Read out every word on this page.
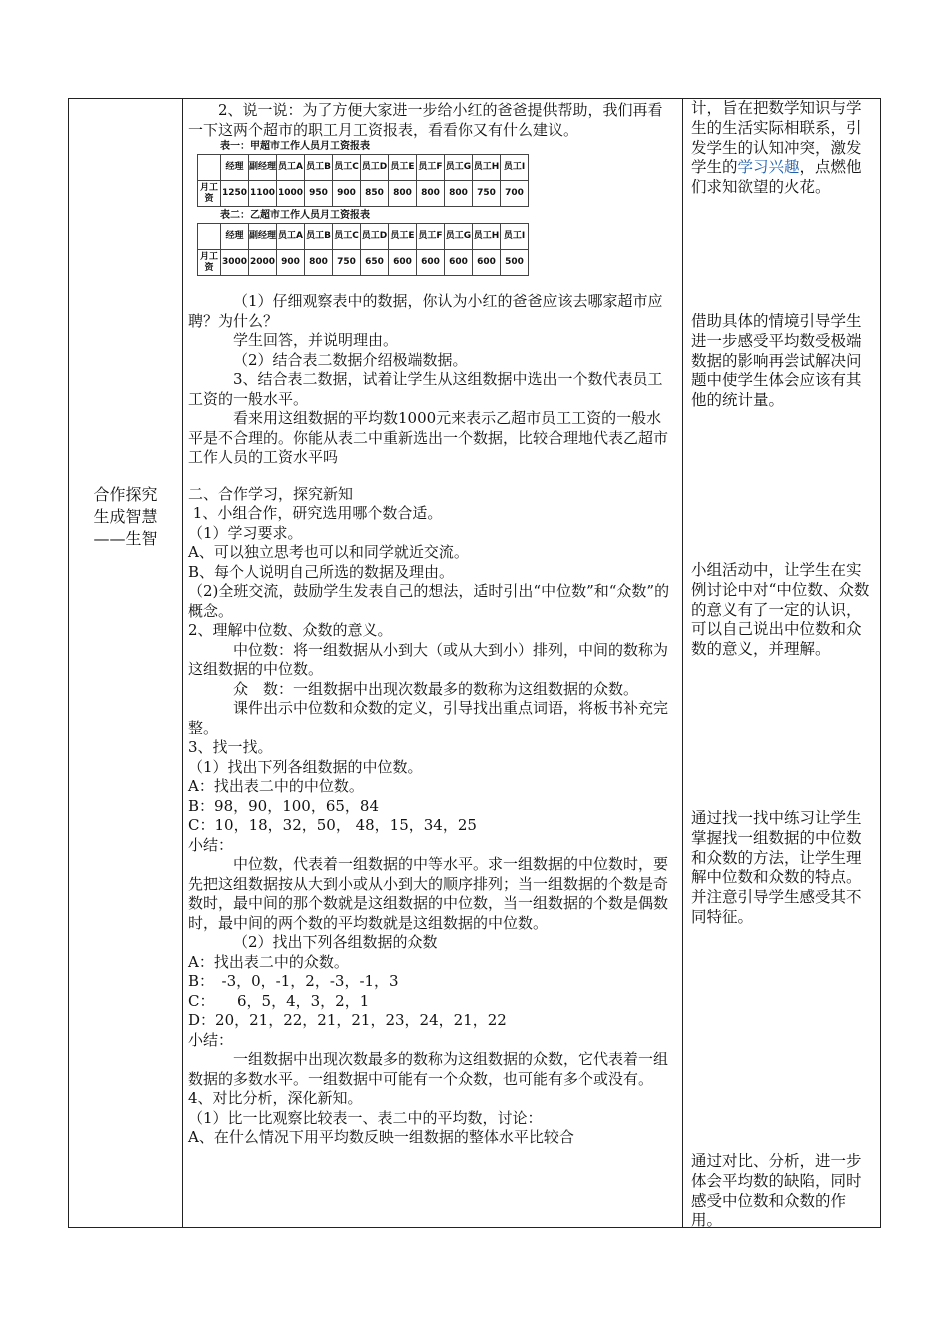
合作探究
生成智慧
——生智

2、说一说：为了方便大家进一步给小红的爸爸提供帮助，我们再看一下这两个超市的职工月工资报表，看看你又有什么建议。

表一：甲超市工作人员月工资报表
	经理	副经理	员工A	员工B	员工C	员工D	员工E	员工F	员工G	员工H	员工I
月工资	1250	1100	1000	950	900	850	800	800	800	750	700
表二：乙超市工作人员月工资报表
	经理	副经理	员工A	员工B	员工C	员工D	员工E	员工F	员工G	员工H	员工I
月工资	3000	2000	900	800	750	650	600	600	600	600	500

（1）仔细观察表中的数据，你认为小红的爸爸应该去哪家超市应聘？为什么？

学生回答，并说明理由。

（2）结合表二数据介绍极端数据。

3、结合表二数据，试着让学生从这组数据中选出一个数代表员工工资的一般水平。

看来用这组数据的平均数1000元来表示乙超市员工工资的一般水平是不合理的。你能从表二中重新选出一个数据，比较合理地代表乙超市工作人员的工资水平吗

二、合作学习，探究新知

1、小组合作，研究选用哪个数合适。

（1）学习要求。

A、可以独立思考也可以和同学就近交流。

B、每个人说明自己所选的数据及理由。

（2)全班交流，鼓励学生发表自己的想法，适时引出“中位数”和“众数”的概念。

2、理解中位数、众数的意义。

中位数：将一组数据从小到大（或从大到小）排列，中间的数称为这组数据的中位数。

众　数：一组数据中出现次数最多的数称为这组数据的众数。

课件出示中位数和众数的定义，引导找出重点词语，将板书补充完整。

3、找一找。

（1）找出下列各组数据的中位数。

A：找出表二中的中位数。

B：98，90，100，65，84

C：10，18，32，50， 48，15，34，25

小结：

中位数，代表着一组数据的中等水平。求一组数据的中位数时，要先把这组数据按从大到小或从小到大的顺序排列；当一组数据的个数是奇数时，最中间的那个数就是这组数据的中位数，当一组数据的个数是偶数时，最中间的两个数的平均数就是这组数据的中位数。

（2）找出下列各组数据的众数

A：找出表二中的众数。

B：　-3，0，-1，2，-3，-1，3

C：　　6，5，4，3，2，1

D：20，21，22，21，21，23，24，21，22

小结：

一组数据中出现次数最多的数称为这组数据的众数，它代表着一组数据的多数水平。一组数据中可能有一个众数，也可能有多个或没有。

4、对比分析，深化新知。

（1）比一比观察比较表一、表二中的平均数，讨论：

A、在什么情况下用平均数反映一组数据的整体水平比较合

计，旨在把数学知识与学生的生活实际相联系，引发学生的认知冲突，激发学生的学习兴趣，点燃他们求知欲望的火花。
借助具体的情境引导学生进一步感受平均数受极端数据的影响再尝试解决问题中使学生体会应该有其他的统计量。
小组活动中，让学生在实例讨论中对“中位数、众数的意义有了一定的认识，可以自己说出中位数和众数的意义，并理解。
通过找一找中练习让学生掌握找一组数据的中位数和众数的方法，让学生理解中位数和众数的特点。并注意引导学生感受其不同特征。
通过对比、分析，进一步体会平均数的缺陷，同时感受中位数和众数的作用。
